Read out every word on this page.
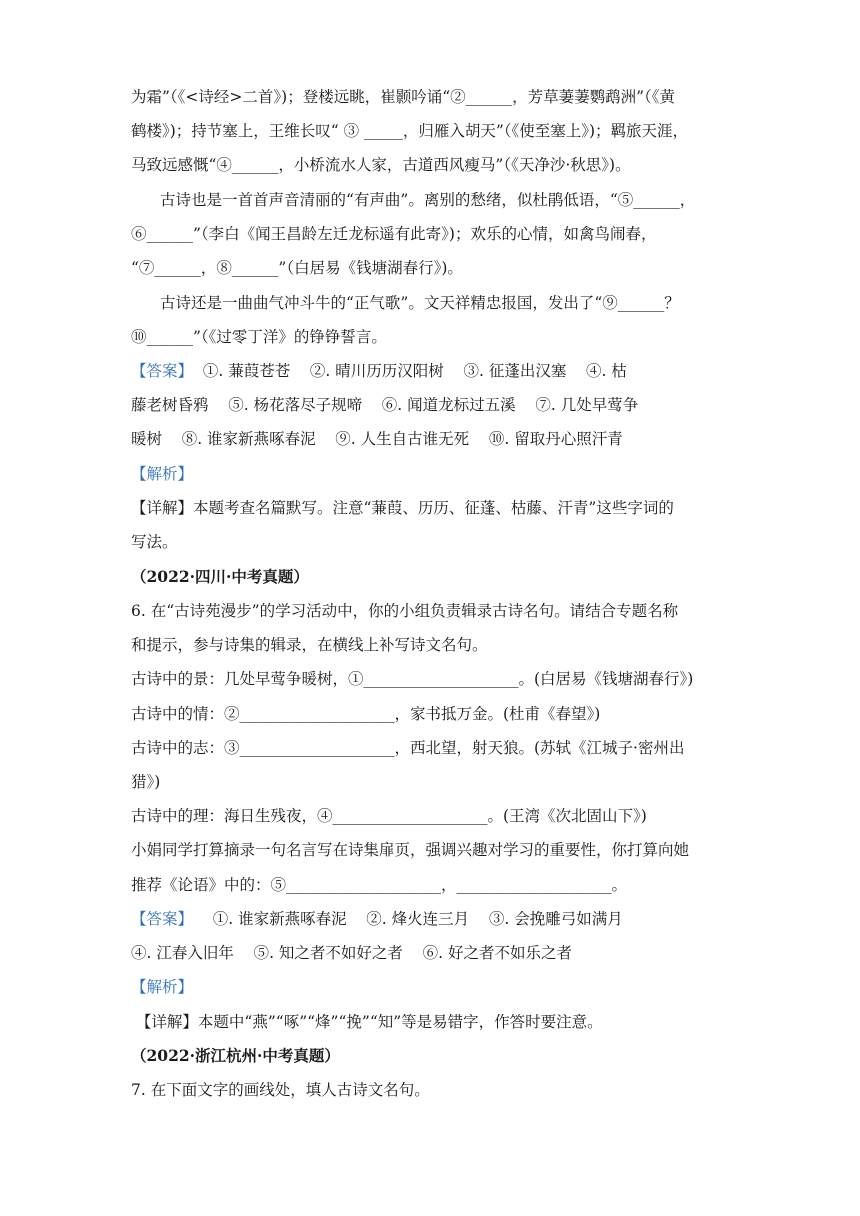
为霜”（《<诗经>二首》)；登楼远眺，崔颢吟诵“②______，芳草萋萋鹦鹉洲”（《黄
鹤楼》)；持节塞上，王维长叹“ ③ _____，归雁入胡天”（《使至塞上》)；羁旅天涯，
马致远感慨“④______，小桥流水人家，古道西风瘦马”（《天净沙·秋思》)。
古诗也是一首首声音清丽的“有声曲”。离别的愁绪，似杜鹃低语，“⑤______，
⑥______”（李白《闻王昌龄左迁龙标遥有此寄》)；欢乐的心情，如禽鸟闹春，
“⑦______，⑧______”（白居易《钱塘湖春行》)。
古诗还是一曲曲气冲斗牛的“正气歌”。文天祥精忠报国，发出了“⑨______？
⑩______”（《过零丁洋》的铮铮誓言。
【答案】  ①. 蒹葭苍苍    ②. 晴川历历汉阳树    ③. 征蓬出汉塞    ④. 枯
藤老树昏鸦    ⑤. 杨花落尽子规啼    ⑥. 闻道龙标过五溪    ⑦. 几处早莺争
暖树    ⑧. 谁家新燕啄春泥    ⑨. 人生自古谁无死    ⑩. 留取丹心照汗青
【解析】
【详解】本题考查名篇默写。注意“蒹葭、历历、征蓬、枯藤、汗青”这些字词的
写法。
（2022·四川·中考真题）
6. 在“古诗苑漫步”的学习活动中，你的小组负责辑录古诗名句。请结合专题名称
和提示，参与诗集的辑录，在横线上补写诗文名句。
古诗中的景：几处早莺争暖树，①____________________。(白居易《钱塘湖春行》)
古诗中的情：②____________________，家书抵万金。(杜甫《春望》)
古诗中的志：③____________________，西北望，射天狼。(苏轼《江城子·密州出
猎》)
古诗中的理：海日生残夜，④____________________。(王湾《次北固山下》)
小娟同学打算摘录一句名言写在诗集扉页，强调兴趣对学习的重要性，你打算向她
推荐《论语》中的：⑤____________________，____________________。
【答案】    ①. 谁家新燕啄春泥    ②. 烽火连三月    ③. 会挽雕弓如满月
④. 江春入旧年    ⑤. 知之者不如好之者    ⑥. 好之者不如乐之者
【解析】
【详解】本题中“燕”“啄”“烽”“挽”“知”等是易错字，作答时要注意。
（2022·浙江杭州·中考真题）
7. 在下面文字的画线处，填人古诗文名句。
